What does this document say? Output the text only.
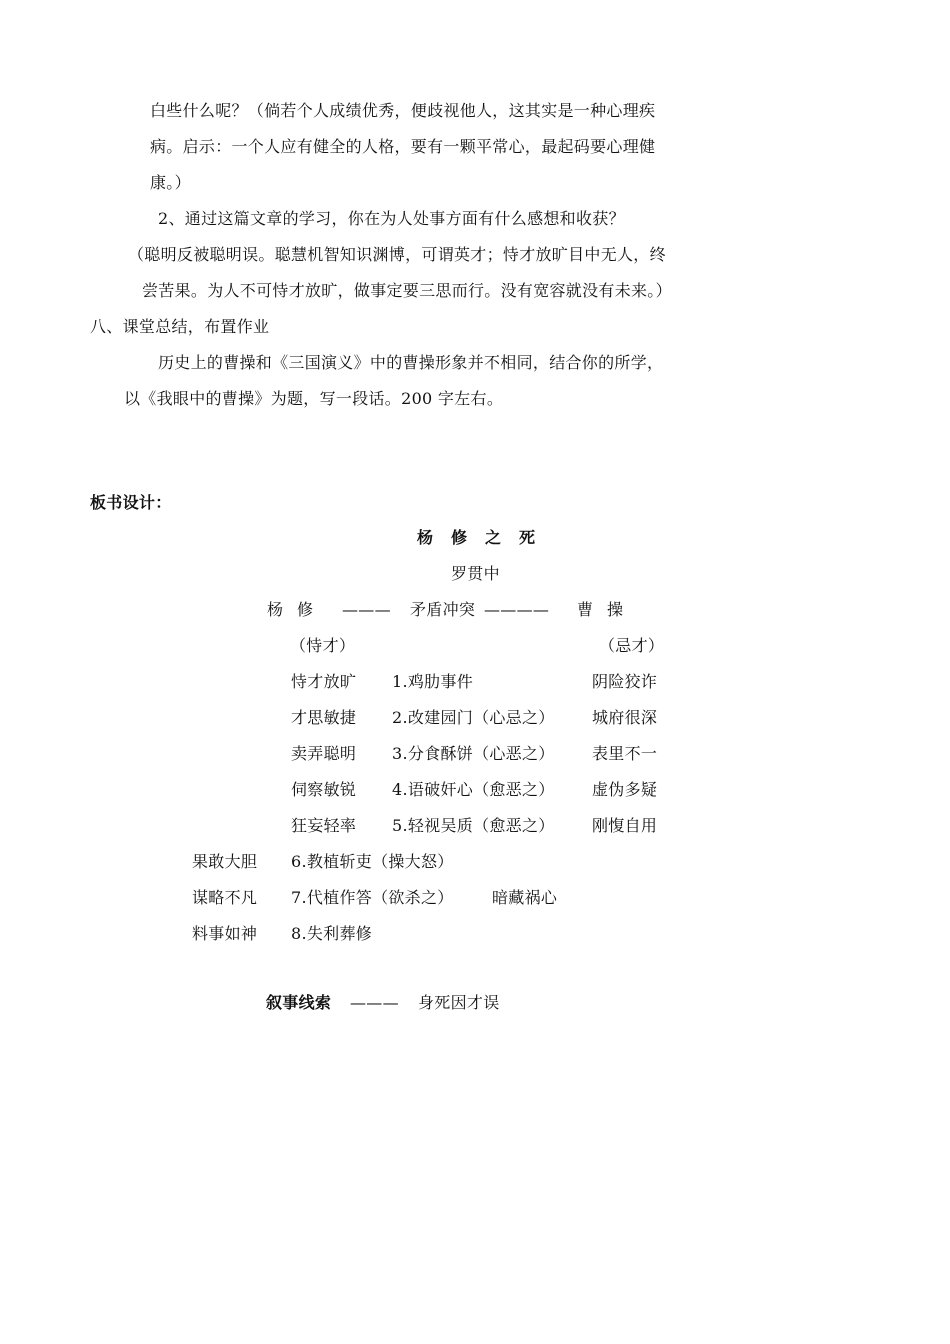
白些什么呢？（倘若个人成绩优秀，便歧视他人，这其实是一种心理疾
病。启示：一个人应有健全的人格，要有一颗平常心，最起码要心理健
康。）
2、通过这篇文章的学习，你在为人处事方面有什么感想和收获？
（聪明反被聪明误。聪慧机智知识渊博，可谓英才；恃才放旷目中无人，终
尝苦果。为人不可恃才放旷，做事定要三思而行。没有宽容就没有未来。）
八、课堂总结，布置作业
历史上的曹操和《三国演义》中的曹操形象并不相同，结合你的所学，
以《我眼中的曹操》为题，写一段话。200 字左右。
板书设计：
杨修之死
罗贯中
杨修 ——— 矛盾冲突 ———— 曹操
（恃才）	（忌才）
恃才放旷 1.鸡肋事件	阴险狡诈
才思敏捷 2.改建园门（心忌之） 城府很深
卖弄聪明 3.分食酥饼（心恶之） 表里不一
伺察敏锐 4.语破奸心（愈恶之） 虚伪多疑
狂妄轻率 5.轻视吴质（愈恶之） 刚愎自用
果敢大胆 6.教植斩吏（操大怒）
谋略不凡 7.代植作答（欲杀之） 暗藏祸心
料事如神 8.失利葬修
叙事线索 ——— 身死因才误
